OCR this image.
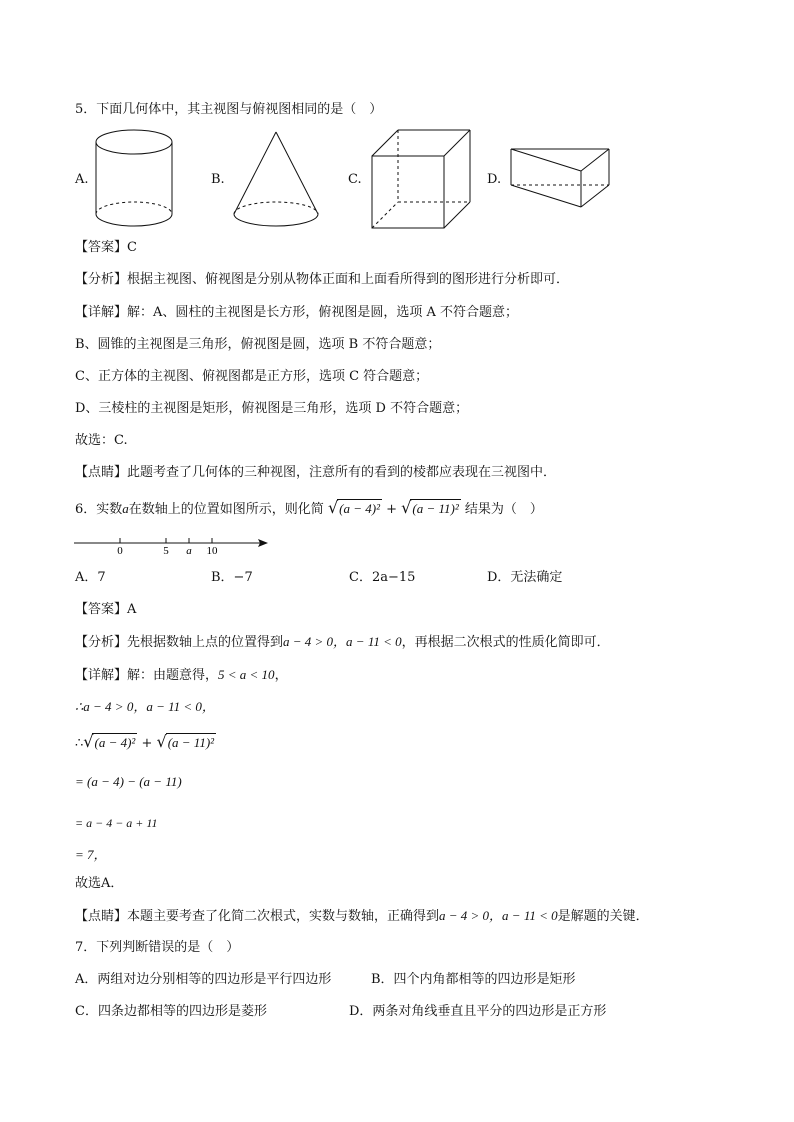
5．下面几何体中，其主视图与俯视图相同的是（　）
A.	B.	C.	D.
【答案】C
【分析】根据主视图、俯视图是分别从物体正面和上面看所得到的图形进行分析即可．
【详解】解：A、圆柱的主视图是长方形，俯视图是圆，选项 A 不符合题意；
B、圆锥的主视图是三角形，俯视图是圆，选项 B 不符合题意；
C、正方体的主视图、俯视图都是正方形，选项 C 符合题意；
D、三棱柱的主视图是矩形，俯视图是三角形，选项 D 不符合题意；
故选：C.
【点睛】此题考查了几何体的三种视图，注意所有的看到的棱都应表现在三视图中．
6．实数a在数轴上的位置如图所示，则化简 √(a − 4)² + √(a − 11)² 结果为（　）
0	5 a 10
A．7	B．−7	C．2a−15	D．无法确定
【答案】A
【分析】先根据数轴上点的位置得到a − 4 > 0，a − 11 < 0，再根据二次根式的性质化简即可．
【详解】解：由题意得，5 < a < 10，
∴a − 4 > 0，a − 11 < 0，
∴√(a − 4)² + √(a − 11)²
= (a − 4) − (a − 11)
= a − 4 − a + 11
= 7，
故选A．
【点睛】本题主要考查了化简二次根式，实数与数轴，正确得到a − 4 > 0，a − 11 < 0是解题的关键．
7．下列判断错误的是（　）
A．两组对边分别相等的四边形是平行四边形	B．四个内角都相等的四边形是矩形
C．四条边都相等的四边形是菱形	D．两条对角线垂直且平分的四边形是正方形
